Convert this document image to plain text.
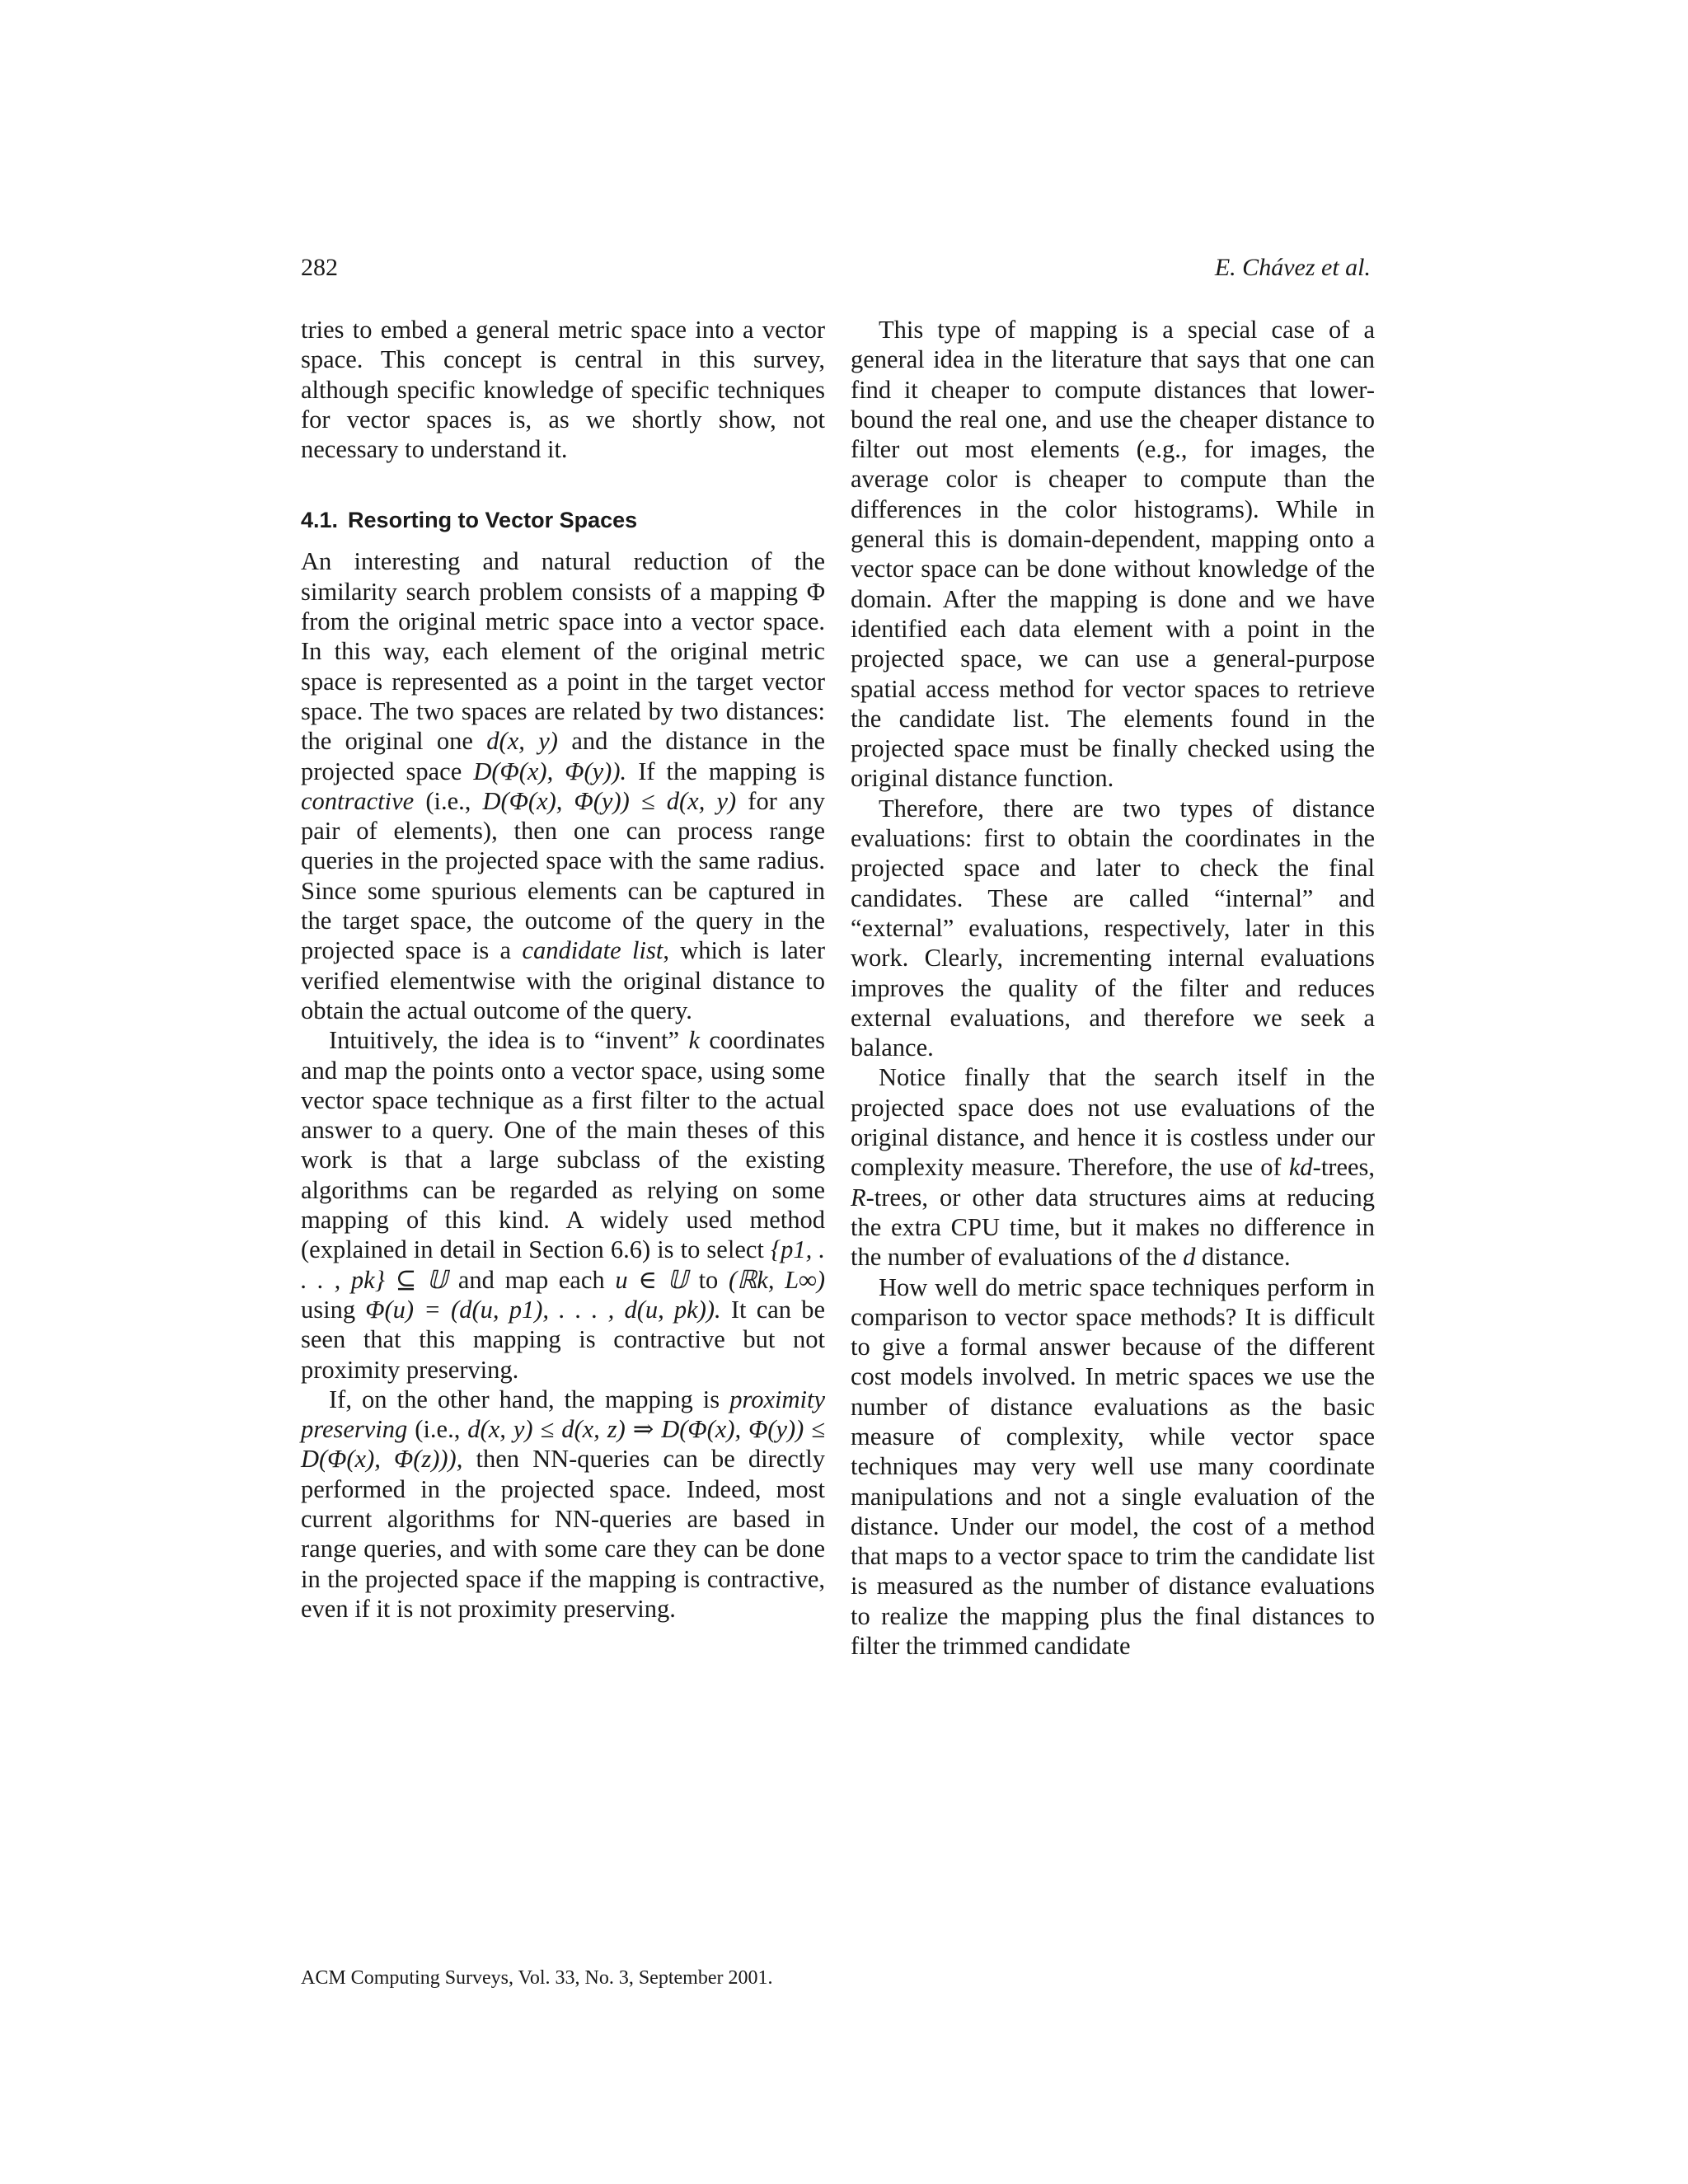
282	E. Chávez et al.

tries to embed a general metric space into a vector space. This concept is central in this survey, although specific knowledge of specific techniques for vector spaces is, as we shortly show, not necessary to understand it.

4.1. Resorting to Vector Spaces

An interesting and natural reduction of the similarity search problem consists of a mapping Φ from the original metric space into a vector space. In this way, each element of the original metric space is represented as a point in the target vector space. The two spaces are related by two distances: the original one d(x, y) and the distance in the projected space D(Φ(x), Φ(y)). If the mapping is contractive (i.e., D(Φ(x), Φ(y)) ≤ d(x, y) for any pair of elements), then one can process range queries in the projected space with the same radius. Since some spurious elements can be captured in the target space, the outcome of the query in the projected space is a candidate list, which is later verified elementwise with the original distance to obtain the actual outcome of the query.

Intuitively, the idea is to “invent” k coordinates and map the points onto a vector space, using some vector space technique as a first filter to the actual answer to a query. One of the main theses of this work is that a large subclass of the existing algorithms can be regarded as relying on some mapping of this kind. A widely used method (explained in detail in Section 6.6) is to select {p1, . . . , pk} ⊆ 𝕌 and map each u ∈ 𝕌 to (ℝk, L∞) using Φ(u) = (d(u, p1), . . . , d(u, pk)). It can be seen that this mapping is contractive but not proximity preserving.

If, on the other hand, the mapping is proximity preserving (i.e., d(x, y) ≤ d(x, z) ⇒ D(Φ(x), Φ(y)) ≤ D(Φ(x), Φ(z))), then NN-queries can be directly performed in the projected space. Indeed, most current algorithms for NN-queries are based in range queries, and with some care they can be done in the projected space if the mapping is contractive, even if it is not proximity preserving.

This type of mapping is a special case of a general idea in the literature that says that one can find it cheaper to compute distances that lower-bound the real one, and use the cheaper distance to filter out most elements (e.g., for images, the average color is cheaper to compute than the differences in the color histograms). While in general this is domain-dependent, mapping onto a vector space can be done without knowledge of the domain. After the mapping is done and we have identified each data element with a point in the projected space, we can use a general-purpose spatial access method for vector spaces to retrieve the candidate list. The elements found in the projected space must be finally checked using the original distance function.

Therefore, there are two types of distance evaluations: first to obtain the coordinates in the projected space and later to check the final candidates. These are called “internal” and “external” evaluations, respectively, later in this work. Clearly, incrementing internal evaluations improves the quality of the filter and reduces external evaluations, and therefore we seek a balance.

Notice finally that the search itself in the projected space does not use evaluations of the original distance, and hence it is costless under our complexity measure. Therefore, the use of kd-trees, R-trees, or other data structures aims at reducing the extra CPU time, but it makes no difference in the number of evaluations of the d distance.

How well do metric space techniques perform in comparison to vector space methods? It is difficult to give a formal answer because of the different cost models involved. In metric spaces we use the number of distance evaluations as the basic measure of complexity, while vector space techniques may very well use many coordinate manipulations and not a single evaluation of the distance. Under our model, the cost of a method that maps to a vector space to trim the candidate list is measured as the number of distance evaluations to realize the mapping plus the final distances to filter the trimmed candidate

ACM Computing Surveys, Vol. 33, No. 3, September 2001.
